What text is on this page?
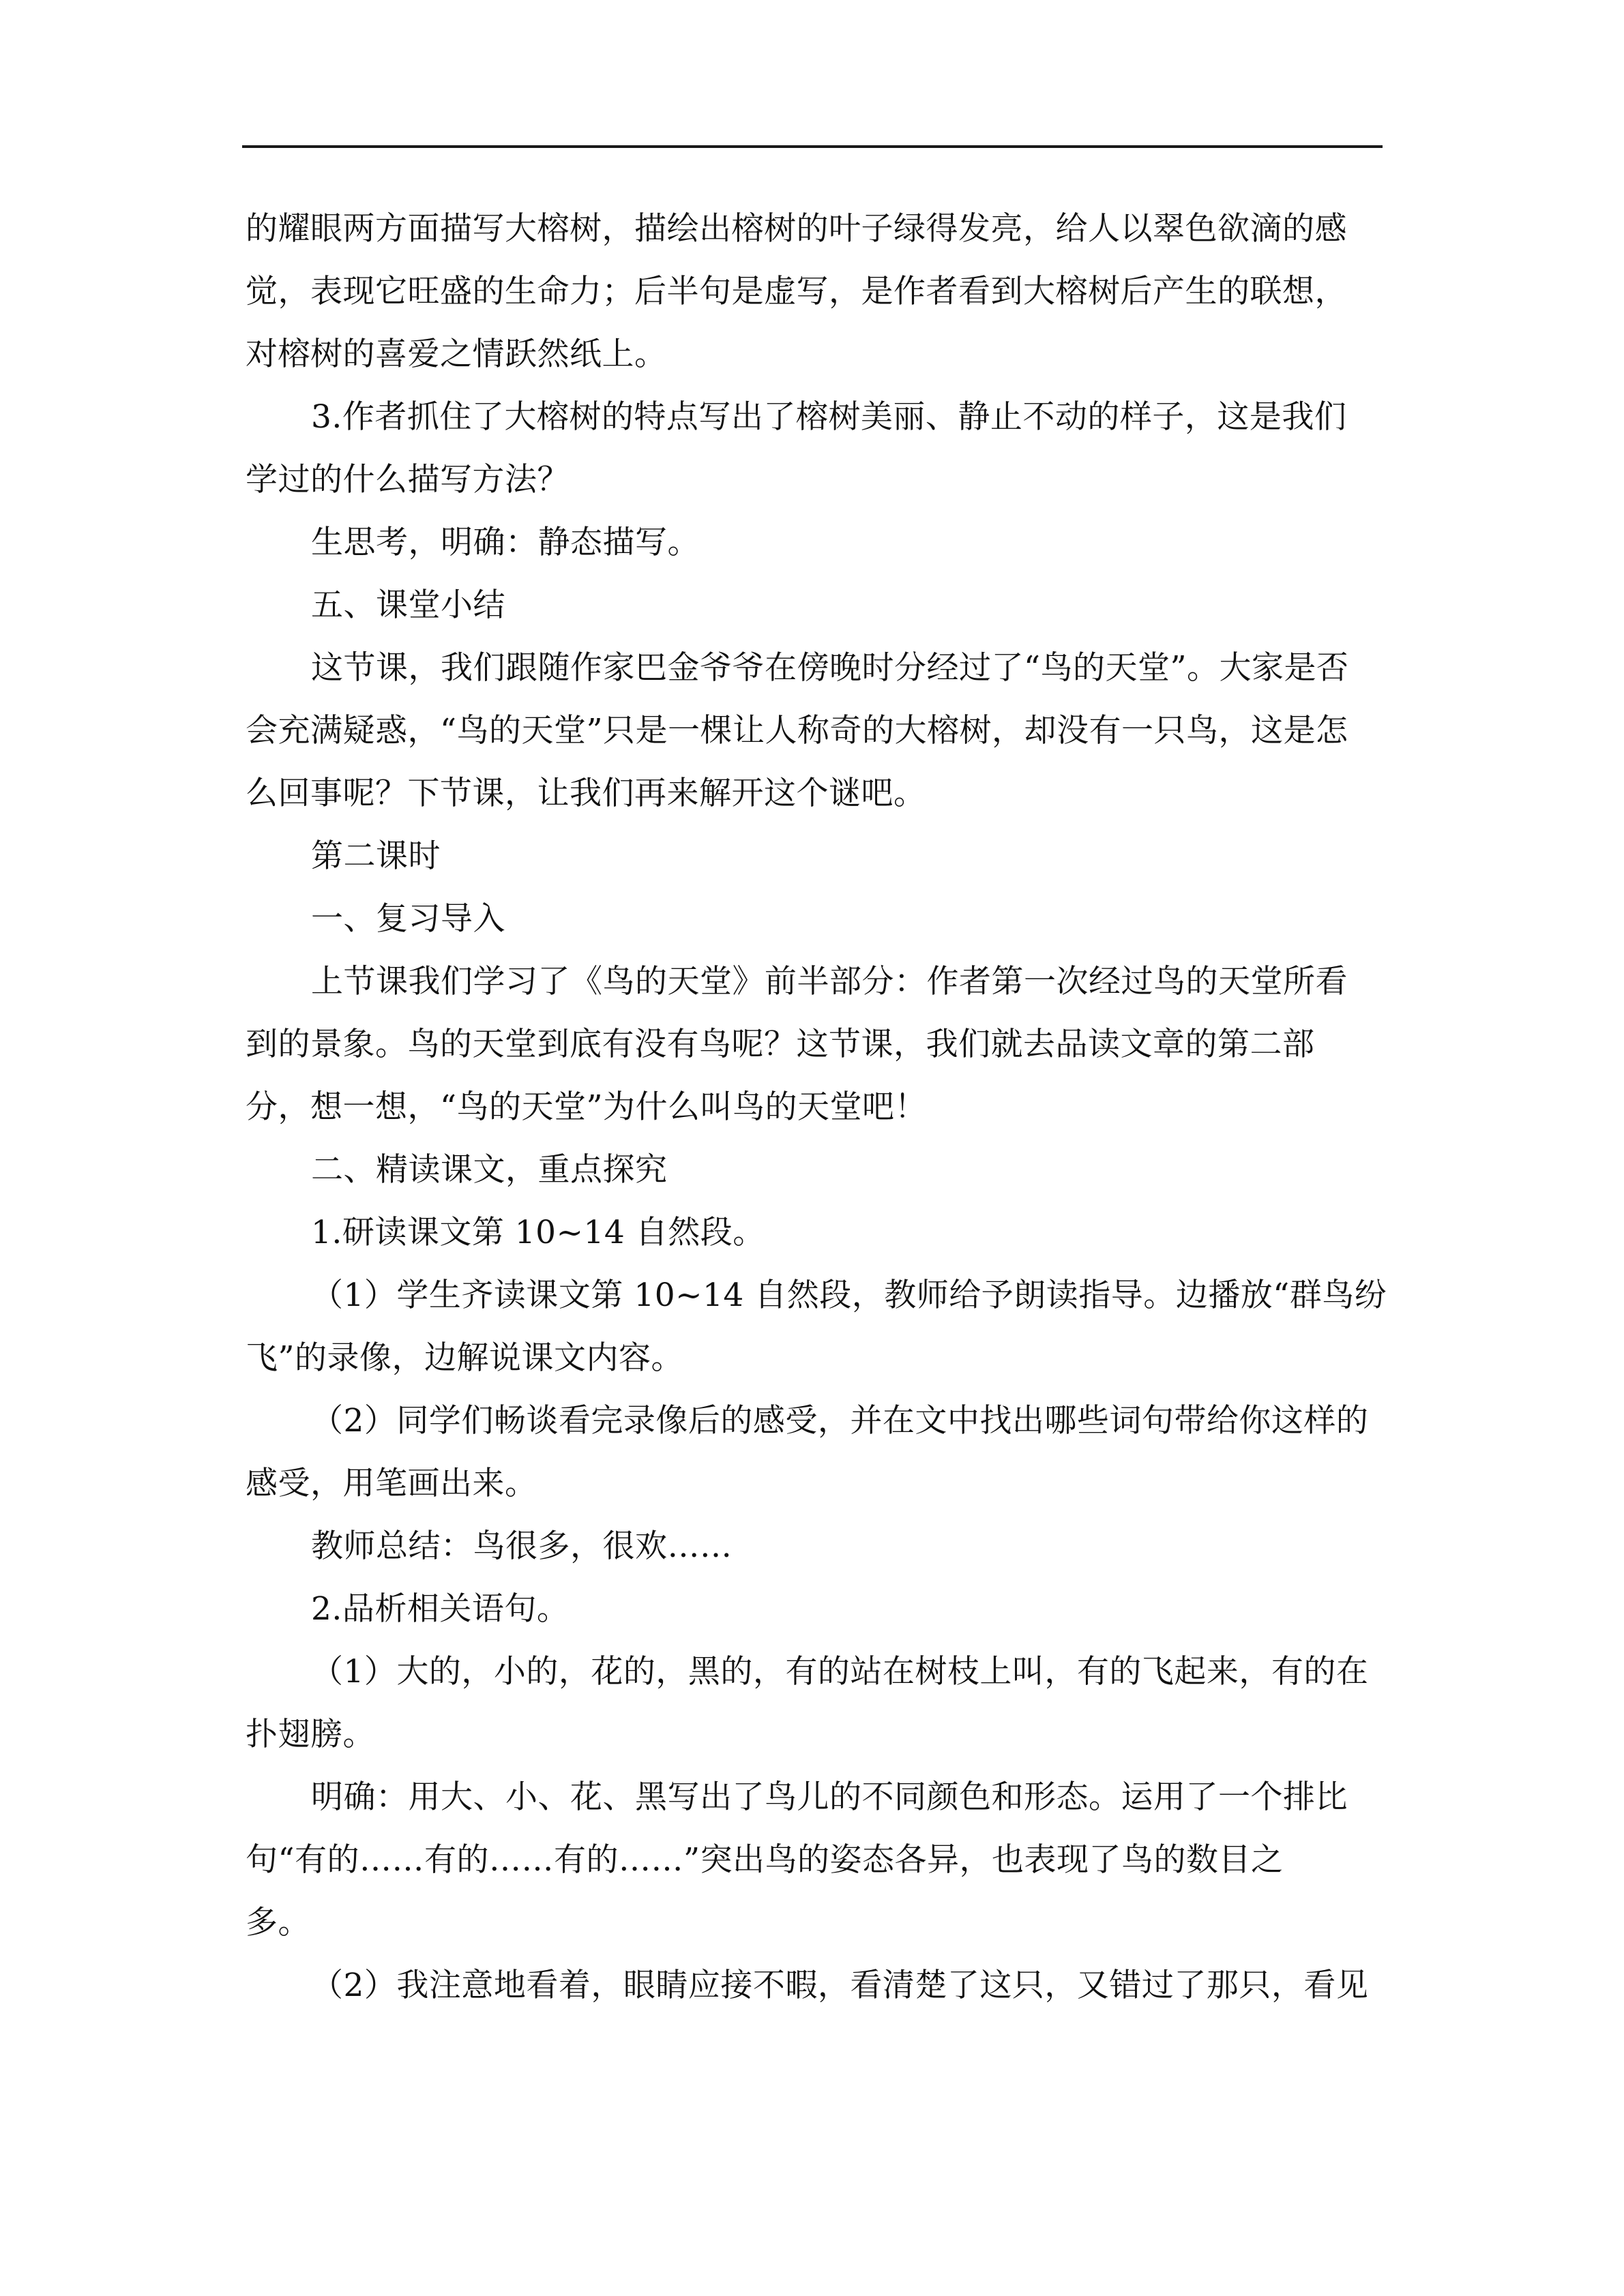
的耀眼两方面描写大榕树，描绘出榕树的叶子绿得发亮，给人以翠色欲滴的感

觉，表现它旺盛的生命力；后半句是虚写，是作者看到大榕树后产生的联想，

对榕树的喜爱之情跃然纸上。

3.作者抓住了大榕树的特点写出了榕树美丽、静止不动的样子，这是我们

学过的什么描写方法？

生思考，明确：静态描写。

五、课堂小结

这节课，我们跟随作家巴金爷爷在傍晚时分经过了“鸟的天堂”。大家是否

会充满疑惑，“鸟的天堂”只是一棵让人称奇的大榕树，却没有一只鸟，这是怎

么回事呢？下节课，让我们再来解开这个谜吧。

第二课时

一、复习导入

上节课我们学习了《鸟的天堂》前半部分：作者第一次经过鸟的天堂所看

到的景象。鸟的天堂到底有没有鸟呢？这节课，我们就去品读文章的第二部

分，想一想，“鸟的天堂”为什么叫鸟的天堂吧！

二、精读课文，重点探究

1.研读课文第 10~14 自然段。

（1）学生齐读课文第 10~14 自然段，教师给予朗读指导。边播放“群鸟纷

飞”的录像，边解说课文内容。

（2）同学们畅谈看完录像后的感受，并在文中找出哪些词句带给你这样的

感受，用笔画出来。

教师总结：鸟很多，很欢……

2.品析相关语句。

（1）大的，小的，花的，黑的，有的站在树枝上叫，有的飞起来，有的在

扑翅膀。

明确：用大、小、花、黑写出了鸟儿的不同颜色和形态。运用了一个排比

句“有的……有的……有的……”突出鸟的姿态各异，也表现了鸟的数目之

多。

（2）我注意地看着，眼睛应接不暇，看清楚了这只，又错过了那只，看见
